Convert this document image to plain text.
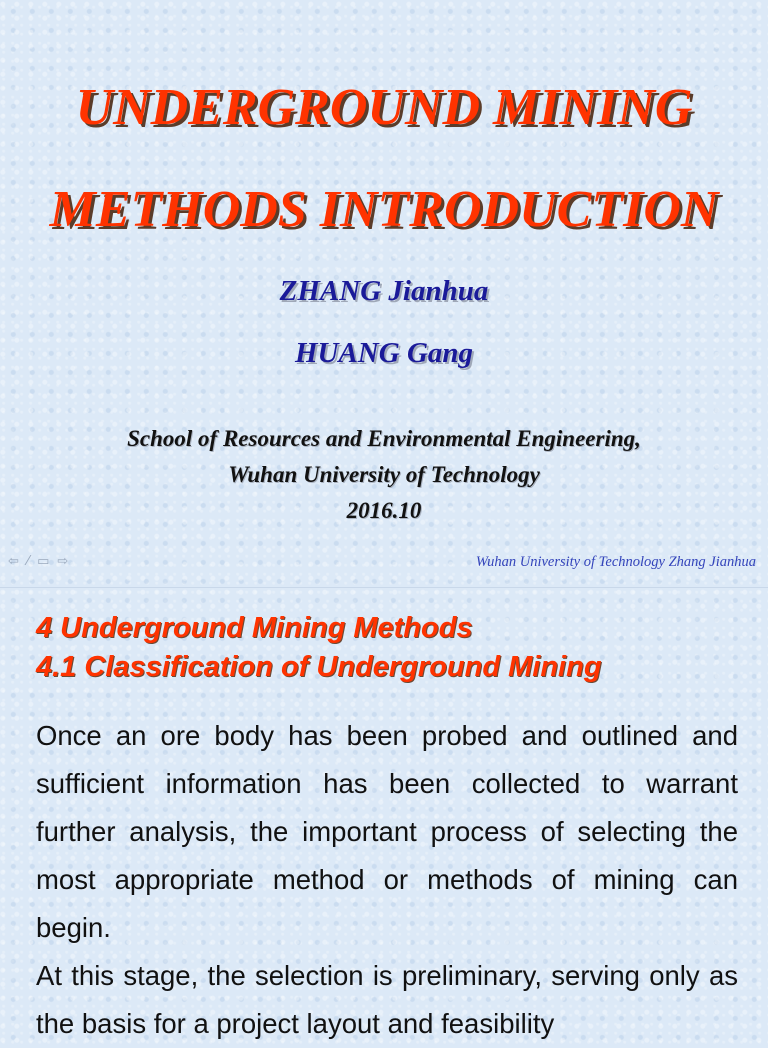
UNDERGROUND MINING
METHODS INTRODUCTION
ZHANG Jianhua
HUANG Gang
School of Resources and Environmental Engineering,
Wuhan University of Technology
2016.10
⇦ ⁄ ▭ ⇨	Wuhan University of Technology Zhang Jianhua
4 Underground Mining Methods
4.1 Classification of Underground Mining

Once an ore body has been probed and outlined and sufficient information has been collected to warrant further analysis, the important process of selecting the most appropriate method or methods of mining can begin.

At this stage, the selection is preliminary, serving only as the basis for a project layout and feasibility
